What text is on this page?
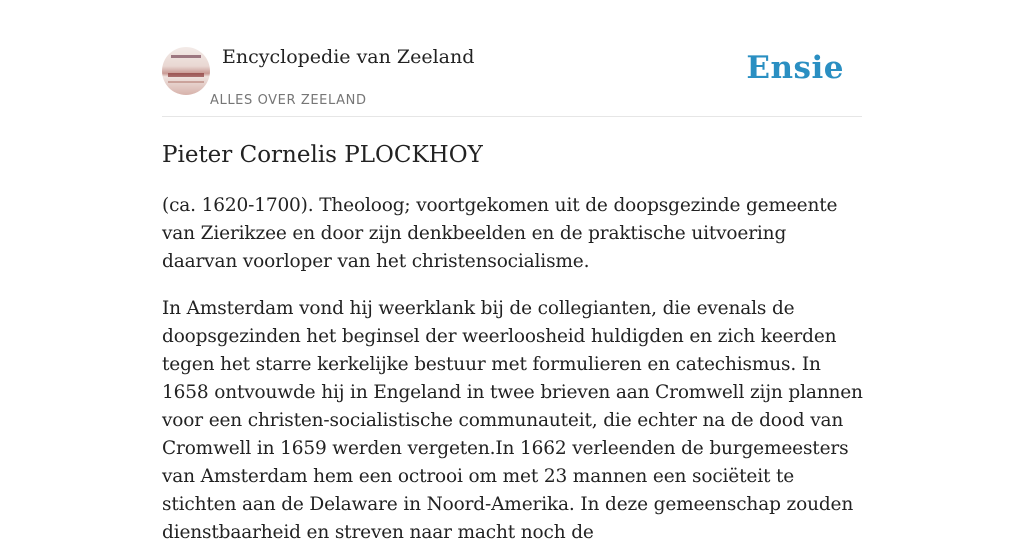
Encyclopedie van Zeeland
ALLES OVER ZEELAND
Ensie
Pieter Cornelis PLOCKHOY

(ca. 1620-1700). Theoloog; voortgekomen uit de doopsgezinde gemeente van Zierikzee en door zijn denkbeelden en de praktische uitvoering daarvan voorloper van het christensocialisme.

In Amsterdam vond hij weerklank bij de collegianten, die evenals de doopsgezinden het beginsel der weerloosheid huldigden en zich keerden tegen het starre kerkelijke bestuur met formulieren en catechismus. In 1658 ontvouwde hij in Engeland in twee brieven aan Cromwell zijn plannen voor een christen-socialistische communauteit, die echter na de dood van Cromwell in 1659 werden vergeten.In 1662 verleenden de burgemeesters van Amsterdam hem een octrooi om met 23 mannen een sociëteit te stichten aan de Delaware in Noord-Amerika. In deze gemeenschap zouden dienstbaarheid en streven naar macht noch de
